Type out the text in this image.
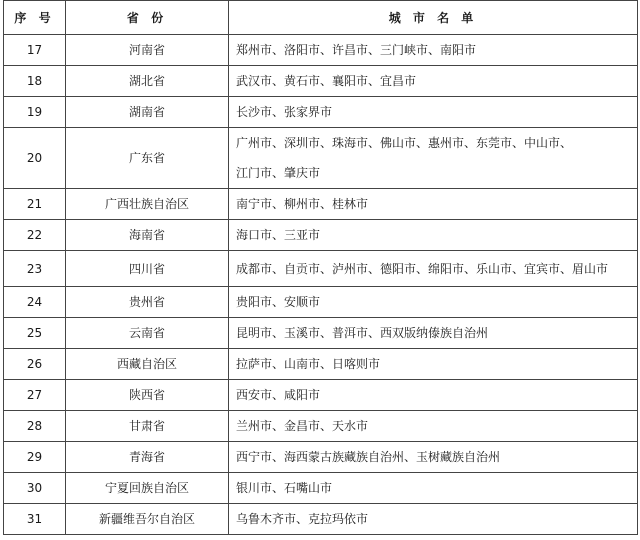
序 号	省 份	城 市 名 单
17	河南省	郑州市、洛阳市、许昌市、三门峡市、南阳市

18	湖北省	武汉市、黄石市、襄阳市、宜昌市

19	湖南省	长沙市、张家界市

20	广东省	广州市、深圳市、珠海市、佛山市、惠州市、东莞市、中山市、
江门市、肇庆市

21	广西壮族自治区	南宁市、柳州市、桂林市

22	海南省	海口市、三亚市

23	四川省	成都市、自贡市、泸州市、德阳市、绵阳市、乐山市、宜宾市、眉山市

24	贵州省	贵阳市、安顺市

25	云南省	昆明市、玉溪市、普洱市、西双版纳傣族自治州

26	西藏自治区	拉萨市、山南市、日喀则市

27	陕西省	西安市、咸阳市

28	甘肃省	兰州市、金昌市、天水市

29	青海省	西宁市、海西蒙古族藏族自治州、玉树藏族自治州

30	宁夏回族自治区	银川市、石嘴山市

31	新疆维吾尔自治区	乌鲁木齐市、克拉玛依市
